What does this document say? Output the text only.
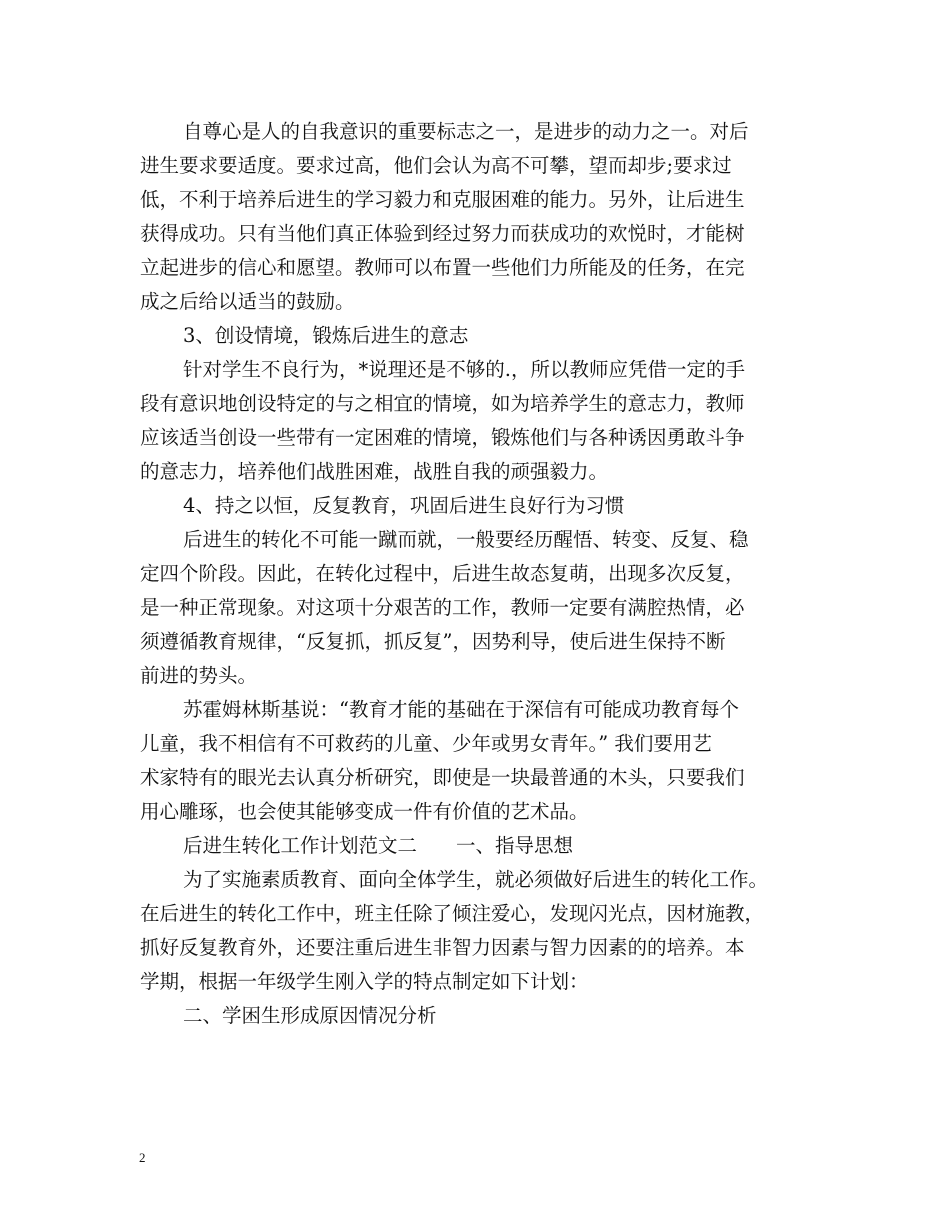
自尊心是人的自我意识的重要标志之一，是进步的动力之一。对后
进生要求要适度。要求过高，他们会认为高不可攀，望而却步;要求过
低，不利于培养后进生的学习毅力和克服困难的能力。另外，让后进生
获得成功。只有当他们真正体验到经过努力而获成功的欢悦时，才能树
立起进步的信心和愿望。教师可以布置一些他们力所能及的任务，在完
成之后给以适当的鼓励。
3、创设情境，锻炼后进生的意志
针对学生不良行为，*说理还是不够的.，所以教师应凭借一定的手
段有意识地创设特定的与之相宜的情境，如为培养学生的意志力，教师
应该适当创设一些带有一定困难的情境，锻炼他们与各种诱因勇敢斗争
的意志力，培养他们战胜困难，战胜自我的顽强毅力。
4、持之以恒，反复教育，巩固后进生良好行为习惯
后进生的转化不可能一蹴而就，一般要经历醒悟、转变、反复、稳
定四个阶段。因此，在转化过程中，后进生故态复萌，出现多次反复，
是一种正常现象。对这项十分艰苦的工作，教师一定要有满腔热情，必
须遵循教育规律，“反复抓，抓反复”，因势利导，使后进生保持不断
前进的势头。
苏霍姆林斯基说：“教育才能的基础在于深信有可能成功教育每个
儿童，我不相信有不可救药的儿童、少年或男女青年。” 我们要用艺
术家特有的眼光去认真分析研究，即使是一块最普通的木头，只要我们
用心雕琢，也会使其能够变成一件有价值的艺术品。
后进生转化工作计划范文二　　一、指导思想
为了实施素质教育、面向全体学生，就必须做好后进生的转化工作。
在后进生的转化工作中，班主任除了倾注爱心，发现闪光点，因材施教，
抓好反复教育外，还要注重后进生非智力因素与智力因素的的培养。本
学期，根据一年级学生刚入学的特点制定如下计划：
二、学困生形成原因情况分析
2
